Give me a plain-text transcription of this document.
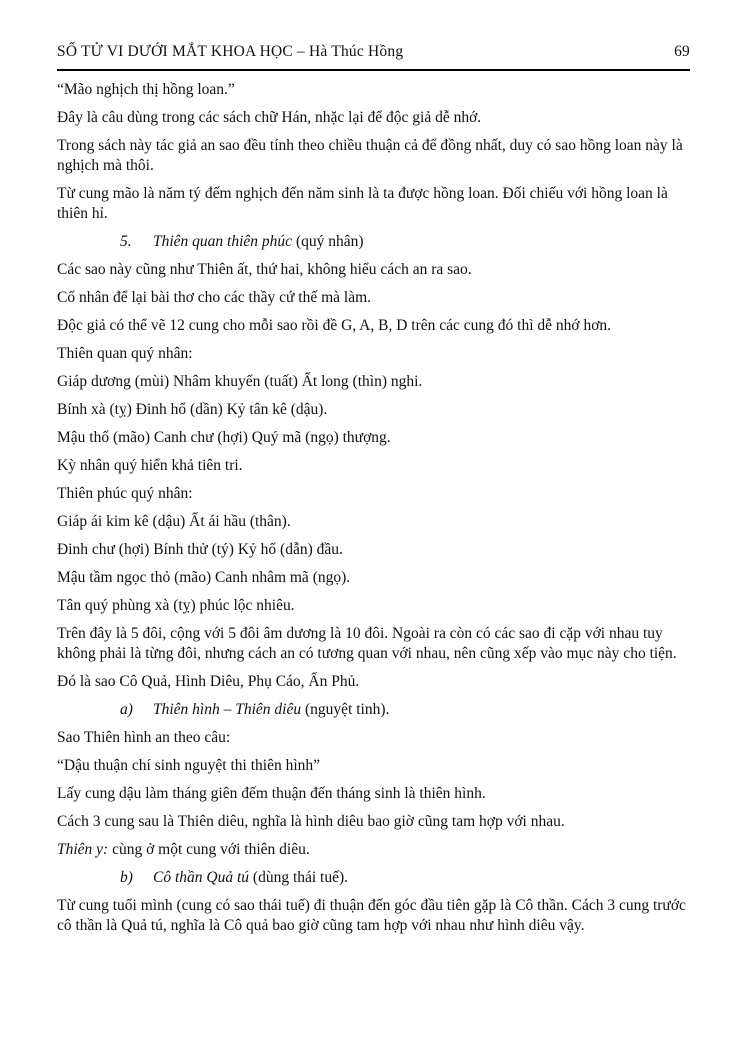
SỐ TỬ VI DƯỚI MẮT KHOA HỌC – Hà Thúc Hồng	69

“Mão nghịch thị hồng loan.”

Đây là câu dùng trong các sách chữ Hán, nhặc lại để độc giả dễ nhớ.

Trong sách này tác giả an sao đều tính theo chiều thuận cả để đồng nhất, duy có sao hồng loan này là nghịch mà thôi.

Từ cung mão là năm tý đếm nghịch đến năm sinh là ta được hồng loan. Đối chiếu với hồng loan là thiên hỉ.

5. Thiên quan thiên phúc (quý nhân)

Các sao này cũng như Thiên ất, thứ hai, không hiểu cách an ra sao.

Cổ nhân để lại bài thơ cho các thầy cứ thế mà làm.

Độc giả có thể vẽ 12 cung cho mỗi sao rồi đề G, A, B, D trên các cung đó thì dễ nhớ hơn.

Thiên quan quý nhân:

Giáp dương (mùi) Nhâm khuyển (tuất) Ất long (thìn) nghi.

Bính xà (tỵ) Đinh hổ (dần) Kỷ tân kê (dậu).

Mậu thổ (mão) Canh chư (hợi) Quý mã (ngọ) thượng.

Kỳ nhân quý hiển khả tiên tri.

Thiên phúc quý nhân:

Giáp ái kim kê (dậu) Ất ái hầu (thân).

Đinh chư (hợi) Bính thử (tý) Kỷ hổ (dẫn) đầu.

Mậu tầm ngọc thỏ (mão) Canh nhâm mã (ngọ).

Tân quý phùng xà (tỵ) phúc lộc nhiêu.

Trên đây là 5 đôi, cộng với 5 đôi âm dương là 10 đôi. Ngoài ra còn có các sao đi cặp với nhau tuy không phải là từng đôi, nhưng cách an có tương quan với nhau, nên cũng xếp vào mục này cho tiện.

Đó là sao Cô Quả, Hình Diêu, Phụ Cáo, Ấn Phủ.

a) Thiên hình – Thiên diêu (nguyệt tinh).

Sao Thiên hình an theo câu:

“Dậu thuận chí sinh nguyệt thi thiên hình”

Lấy cung dậu làm tháng giên đếm thuận đến tháng sinh là thiên hình.

Cách 3 cung sau là Thiên diêu, nghĩa là hình diêu bao giờ cũng tam hợp với nhau.

Thiên y: cùng ở một cung với thiên diêu.

b) Cô thần Quả tú (dùng thái tuế).

Từ cung tuổi mình (cung có sao thái tuế) đi thuận đến góc đầu tiên gặp là Cô thần. Cách 3 cung trước cô thần là Quả tú, nghĩa là Cô quả bao giờ cũng tam hợp với nhau như hình diêu vậy.
